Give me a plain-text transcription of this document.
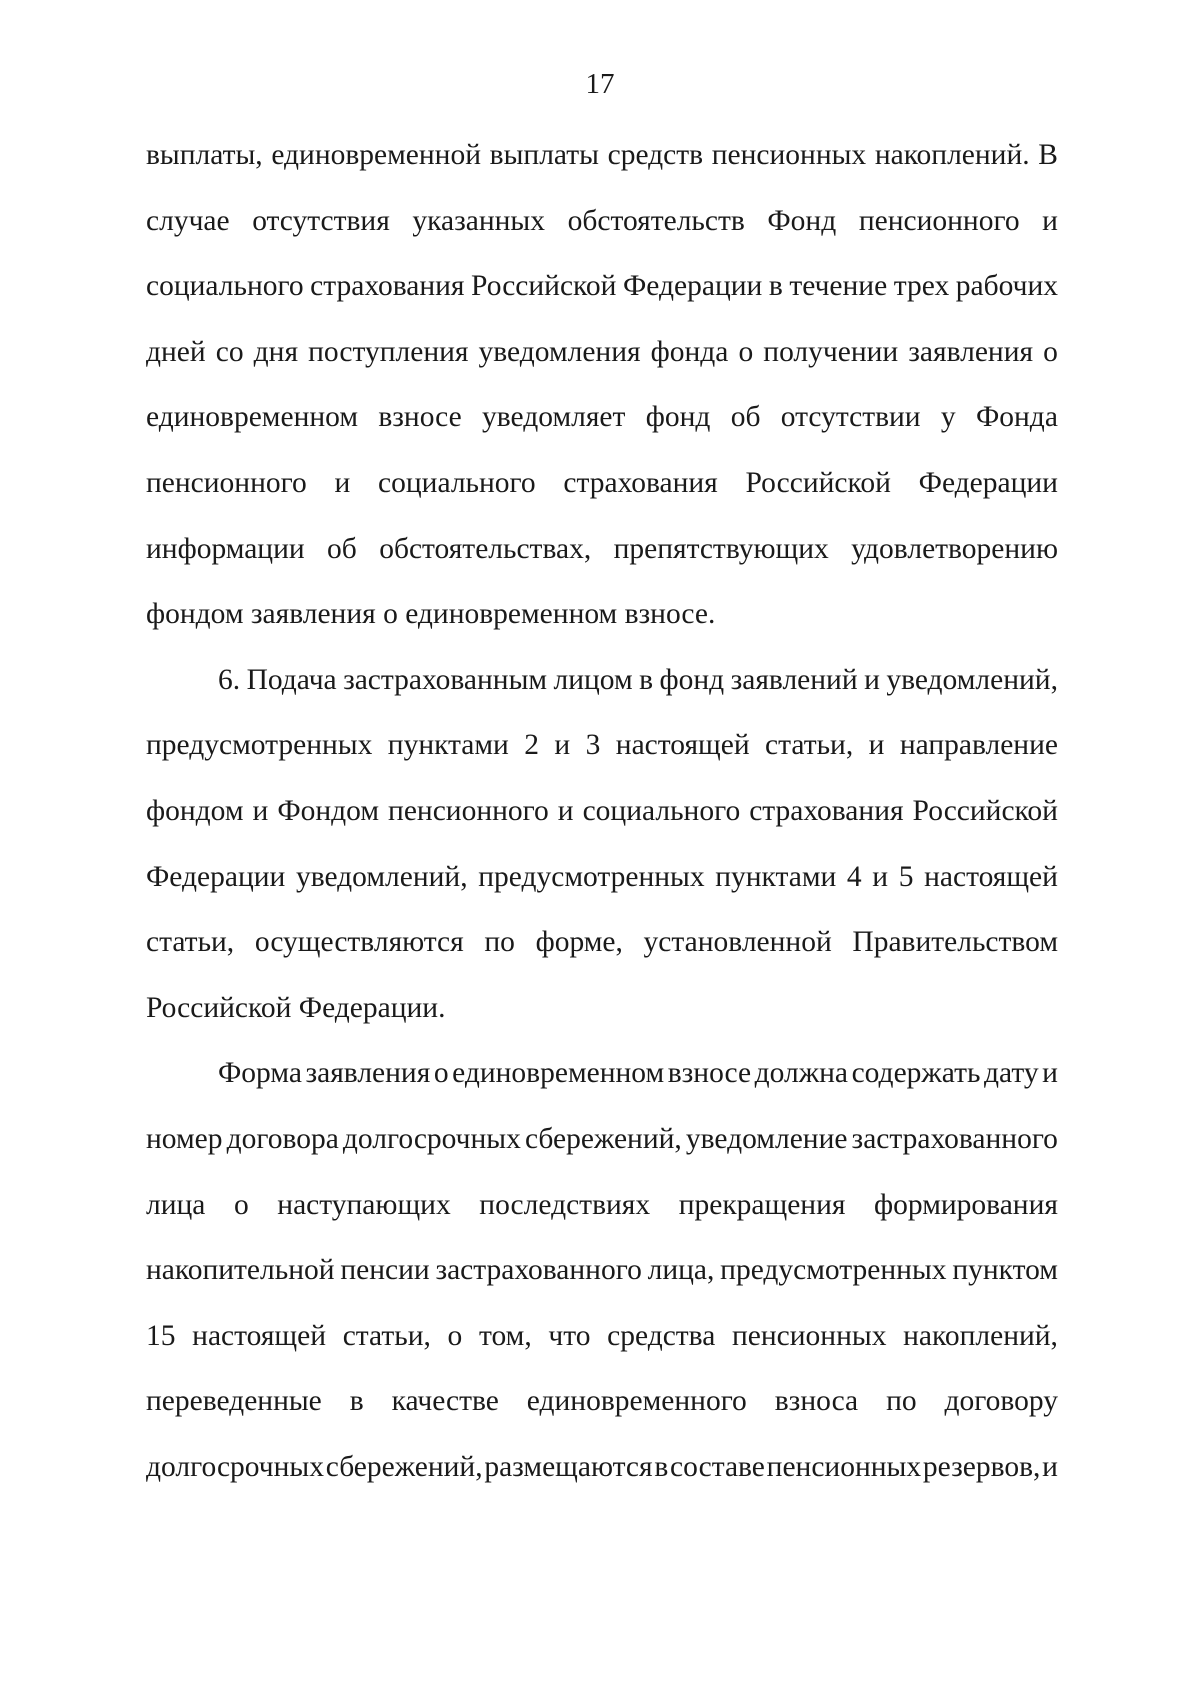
17
выплаты, единовременной выплаты средств пенсионных накоплений. В
случае отсутствия указанных обстоятельств Фонд пенсионного и
социального страхования Российской Федерации в течение трех рабочих
дней со дня поступления уведомления фонда о получении заявления о
единовременном взносе уведомляет фонд об отсутствии у Фонда
пенсионного и социального страхования Российской Федерации
информации об обстоятельствах, препятствующих удовлетворению
фондом заявления о единовременном взносе.
6. Подача застрахованным лицом в фонд заявлений и уведомлений,
предусмотренных пунктами 2 и 3 настоящей статьи, и направление
фондом и Фондом пенсионного и социального страхования Российской
Федерации уведомлений, предусмотренных пунктами 4 и 5 настоящей
статьи, осуществляются по форме, установленной Правительством
Российской Федерации.
Форма заявления о единовременном взносе должна содержать дату и
номер договора долгосрочных сбережений, уведомление застрахованного
лица о наступающих последствиях прекращения формирования
накопительной пенсии застрахованного лица, предусмотренных пунктом
15 настоящей статьи, о том, что средства пенсионных накоплений,
переведенные в качестве единовременного взноса по договору
долгосрочных сбережений, размещаются в составе пенсионных резервов, и
